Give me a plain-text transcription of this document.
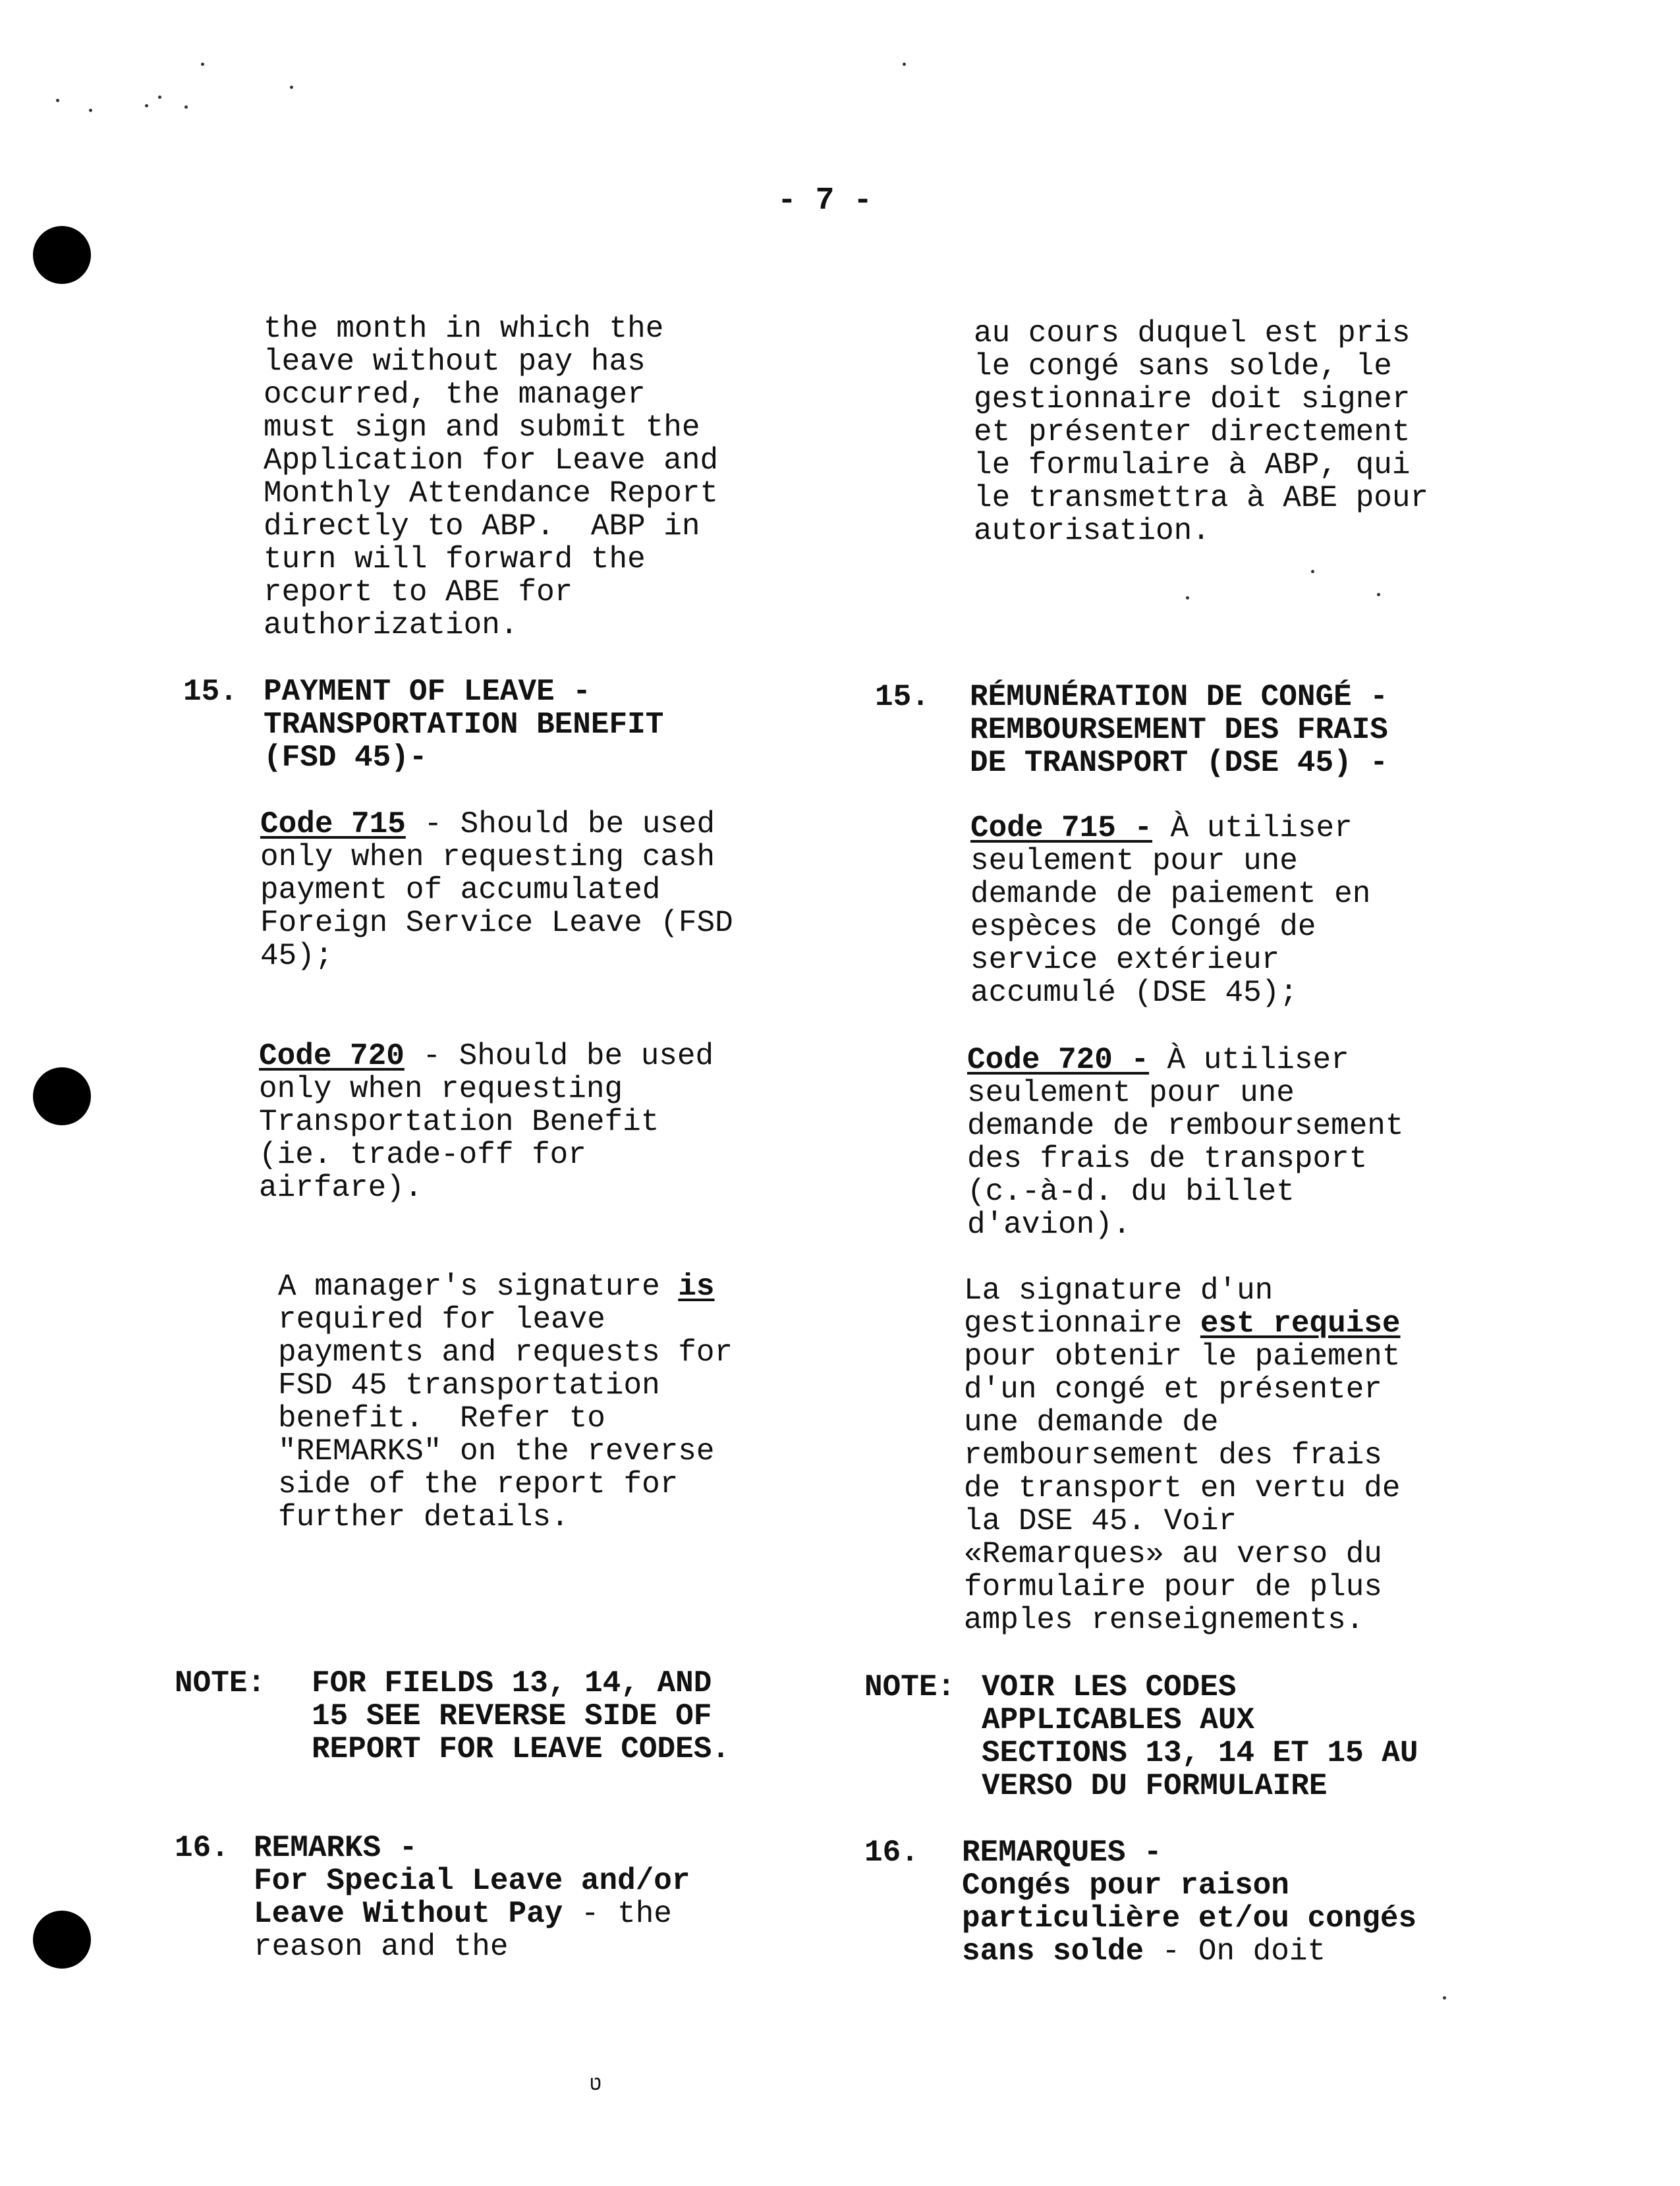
- 7 -
the month in which the
leave without pay has
occurred, the manager
must sign and submit the
Application for Leave and
Monthly Attendance Report
directly to ABP.  ABP in
turn will forward the
report to ABE for
authorization.
15. PAYMENT OF LEAVE -
TRANSPORTATION BENEFIT
(FSD 45)-
Code 715 - Should be used
only when requesting cash
payment of accumulated
Foreign Service Leave (FSD
45);
Code 720 - Should be used
only when requesting
Transportation Benefit
(ie. trade-off for
airfare).
A manager's signature is
required for leave
payments and requests for
FSD 45 transportation
benefit.  Refer to
"REMARKS" on the reverse
side of the report for
further details.
NOTE: FOR FIELDS 13, 14, AND
15 SEE REVERSE SIDE OF
REPORT FOR LEAVE CODES.
16. REMARKS -
For Special Leave and/or
Leave Without Pay - the
reason and the
au cours duquel est pris
le congé sans solde, le
gestionnaire doit signer
et présenter directement
le formulaire à ABP, qui
le transmettra à ABE pour
autorisation.
15. RÉMUNÉRATION DE CONGÉ -
REMBOURSEMENT DES FRAIS
DE TRANSPORT (DSE 45) -
Code 715 - À utiliser
seulement pour une
demande de paiement en
espèces de Congé de
service extérieur
accumulé (DSE 45);
Code 720 - À utiliser
seulement pour une
demande de remboursement
des frais de transport
(c.-à-d. du billet
d'avion).
La signature d'un
gestionnaire est requise
pour obtenir le paiement
d'un congé et présenter
une demande de
remboursement des frais
de transport en vertu de
la DSE 45. Voir
«Remarques» au verso du
formulaire pour de plus
amples renseignements.
NOTE: VOIR LES CODES
APPLICABLES AUX
SECTIONS 13, 14 ET 15 AU
VERSO DU FORMULAIRE
16. REMARQUES -
Congés pour raison
particulière et/ou congés
sans solde - On doit
ט
